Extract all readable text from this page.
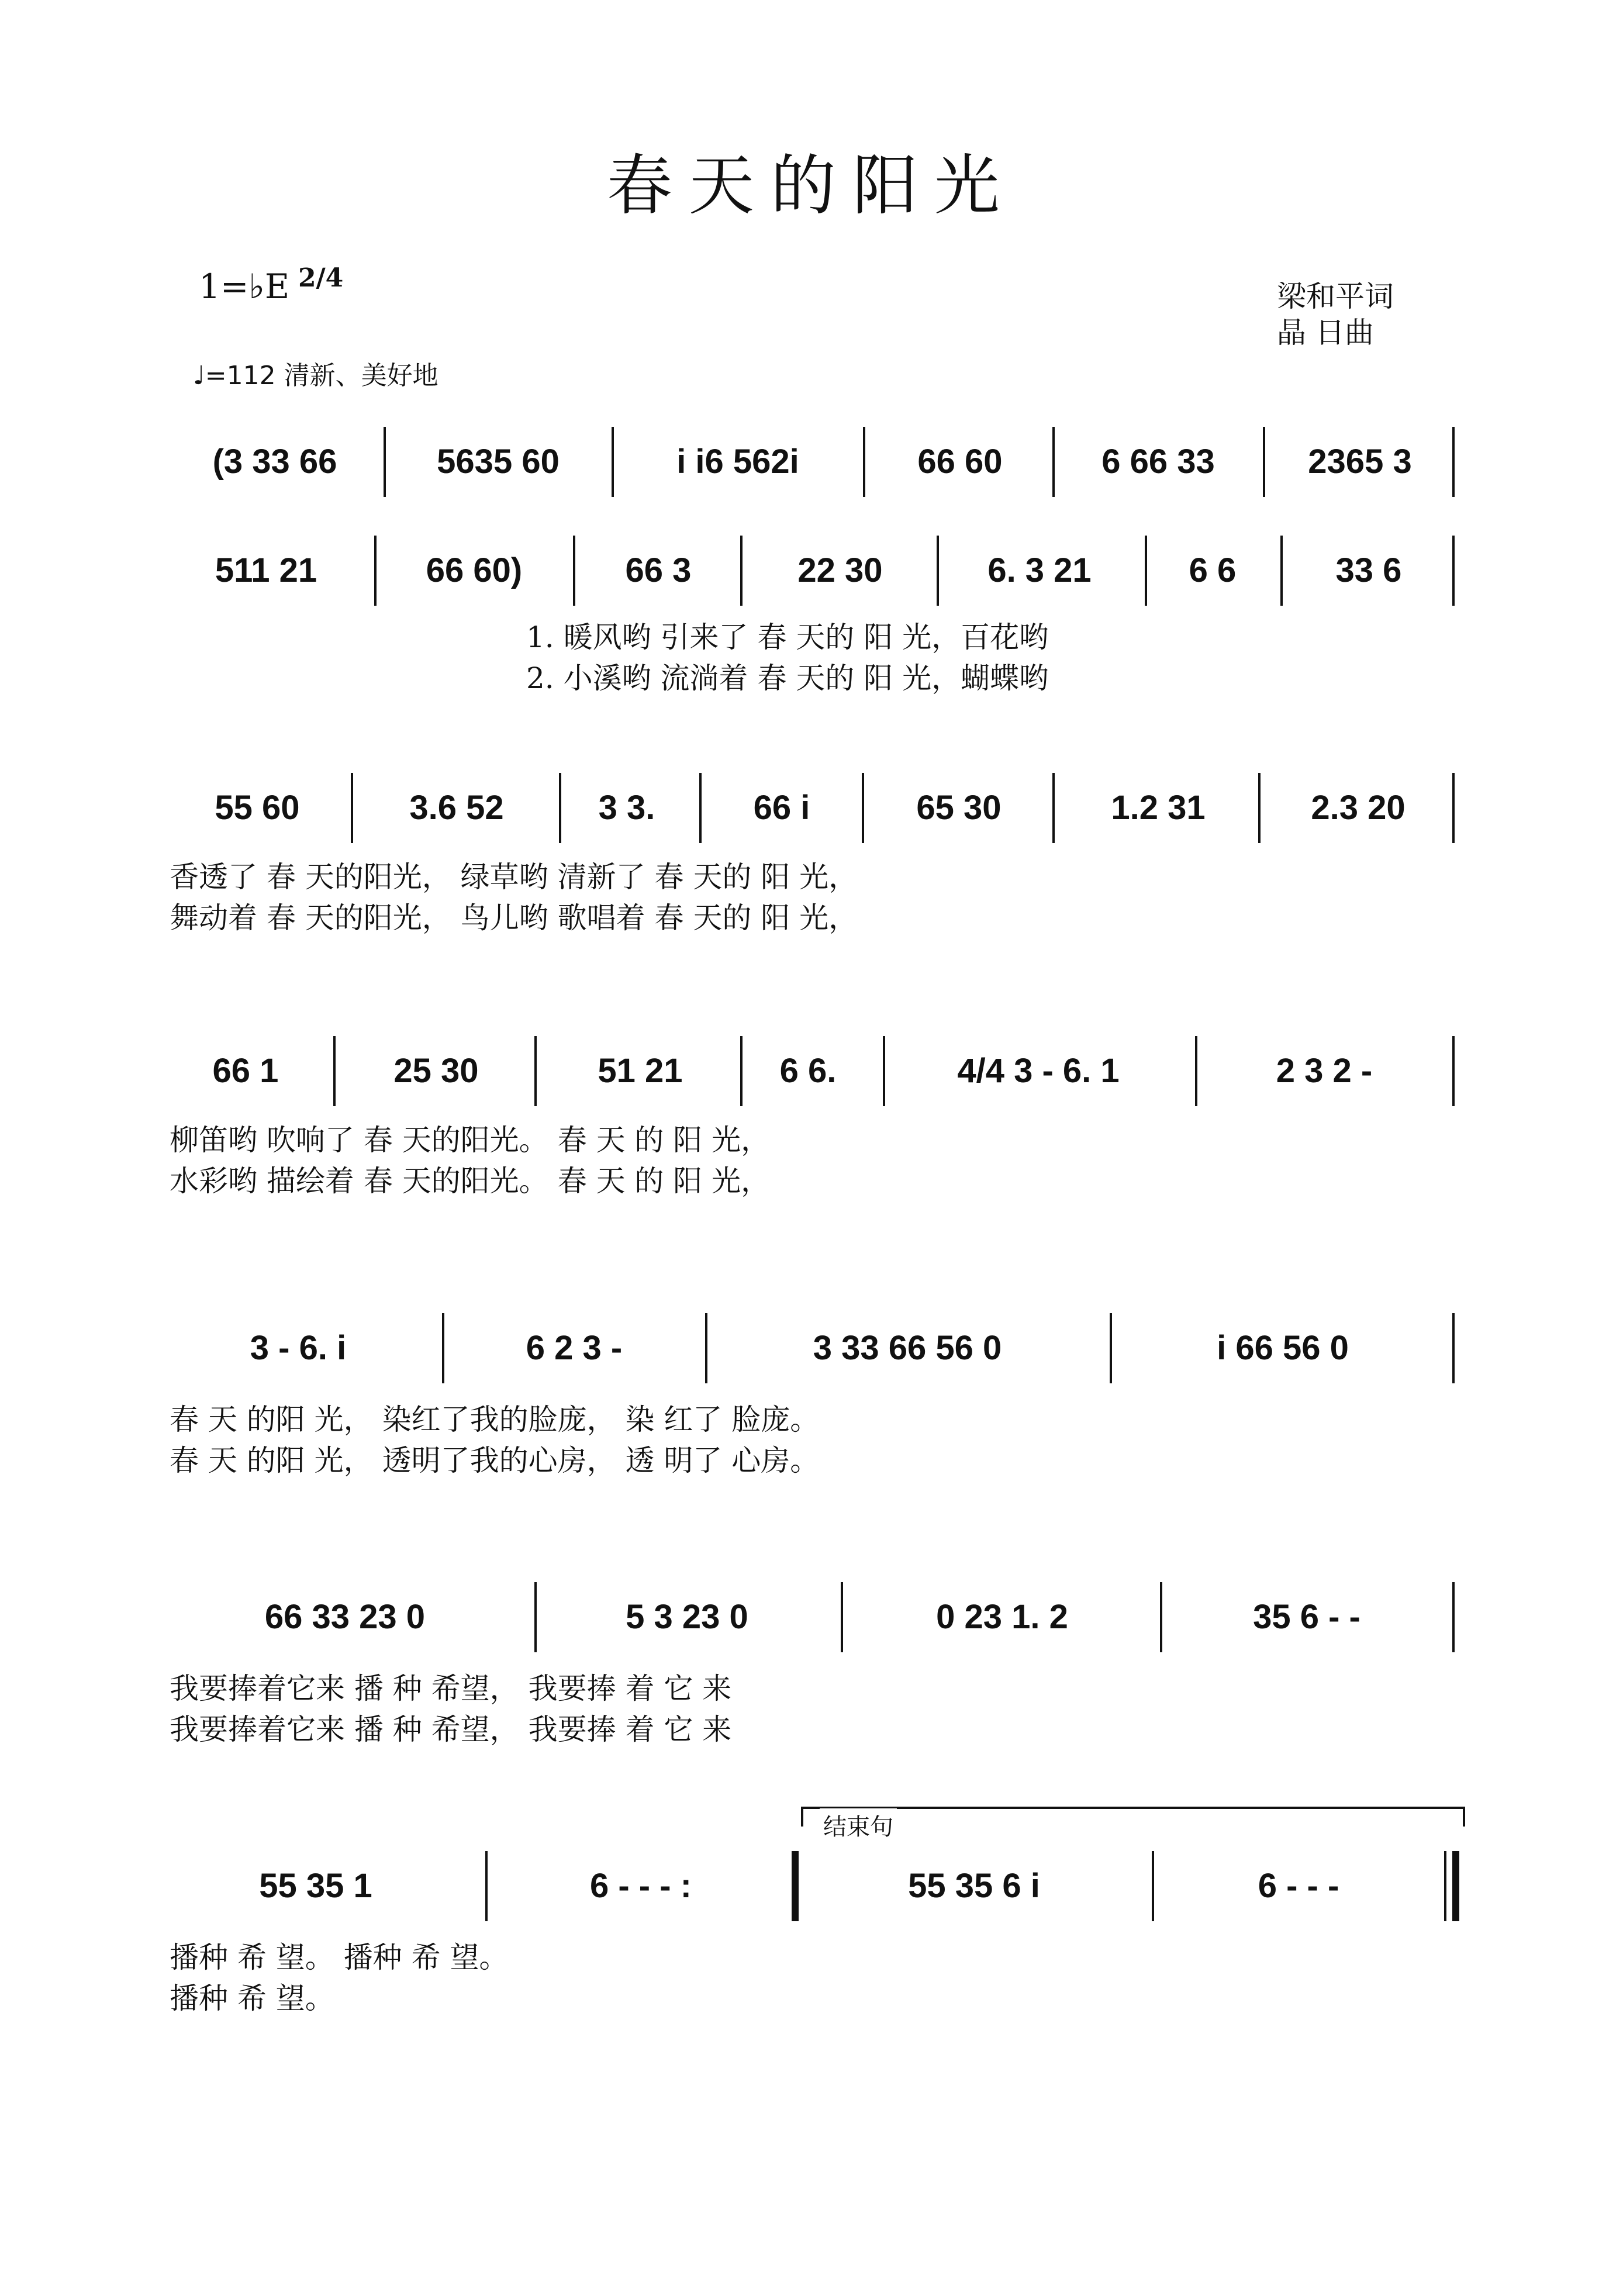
春天的阳光
1=♭E 2/4
♩=112 清新、美好地
梁和平词
晶 日曲
(3 33 66	5635 60	i i6 562i	66 60	6 66 33	2365 3
511 21	66 60)	66 3	22 30	6. 3 21	6 6	33 6
1. 暖风哟 引来了 春 天的 阳 光，百花哟
2. 小溪哟 流淌着 春 天的 阳 光，蝴蝶哟
55 60	3.6 52	3 3.	66 i	65 30	1.2 31	2.3 20
香透了 春 天的阳光， 绿草哟 清新了 春 天的 阳 光，
舞动着 春 天的阳光， 鸟儿哟 歌唱着 春 天的 阳 光，
66 1	25 30	51 21	6 6.	4/4 3 - 6. 1	2 3 2 -
柳笛哟 吹响了 春 天的阳光。 春 天 的 阳 光，
水彩哟 描绘着 春 天的阳光。 春 天 的 阳 光，
3 - 6. i	6 2 3 -	3 33 66 56 0	i 66 56 0
春 天 的阳 光， 染红了我的脸庞， 染 红了 脸庞。
春 天 的阳 光， 透明了我的心房， 透 明了 心房。
66 33 23 0	5 3 23 0	0 23 1. 2	35 6 - -
我要捧着它来 播 种 希望， 我要捧 着 它 来
我要捧着它来 播 种 希望， 我要捧 着 它 来
结束句
55 35 1	6 - - - :	55 35 6 i	6 - - -
播种 希 望。 播种 希 望。
播种 希 望。
